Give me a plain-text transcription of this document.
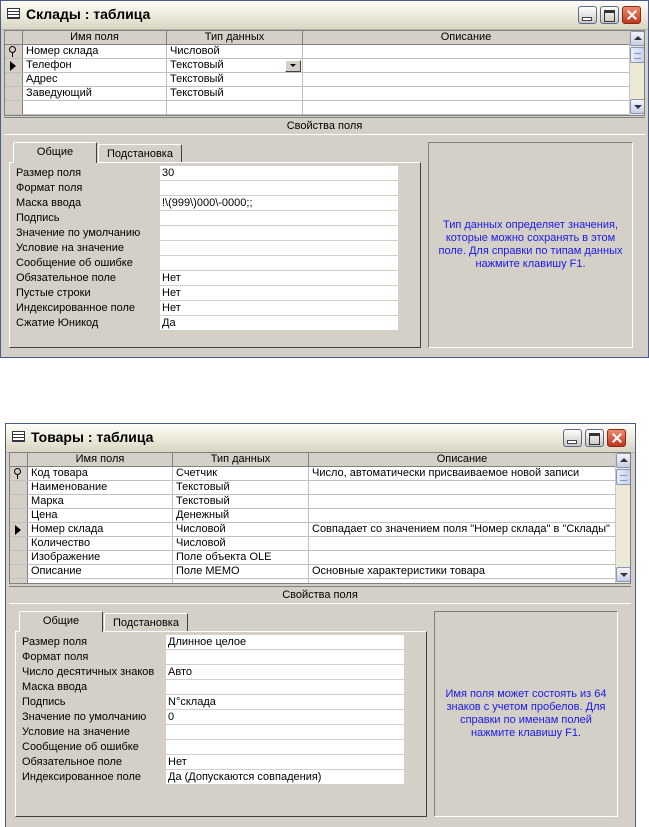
Склады : таблица
Имя поля	Тип данных	Описание
Номер склада	Числовой
Телефон	Текстовый
Адрес	Текстовый
Заведующий	Текстовый
Свойства поля
Общие	Подстановка
Размер поля	30
Формат поля
Маска ввода	!\(999\)000\-0000;;
Подпись
Значение по умолчанию
Условие на значение
Сообщение об ошибке
Обязательное поле	Нет
Пустые строки	Нет
Индексированное поле Нет
Сжатие Юникод	Да
Тип данных определяет значения, которые можно сохранять в этом поле. Для справки по типам данных нажмите клавишу F1.
Товары : таблица
Имя поля	Тип данных	Описание
Код товара	Счетчик	Число, автоматически присваиваемое новой записи
Наименование	Текстовый
Марка	Текстовый
Цена	Денежный
Номер склада	Числовой	Совпадает со значением поля "Номер склада" в "Склады"
Количество	Числовой
Изображение	Поле объекта OLE
Описание	Поле MEMO	Основные характеристики товара
Свойства поля
Общие	Подстановка
Размер поля	Длинное целое
Формат поля
Число десятичных знаков Авто
Маска ввода
Подпись	N°склада
Значение по умолчанию 0
Условие на значение
Сообщение об ошибке
Обязательное поле	Нет
Индексированное поле Да (Допускаются совпадения)
Имя поля может состоять из 64 знаков с учетом пробелов. Для справки по именам полей нажмите клавишу F1.
